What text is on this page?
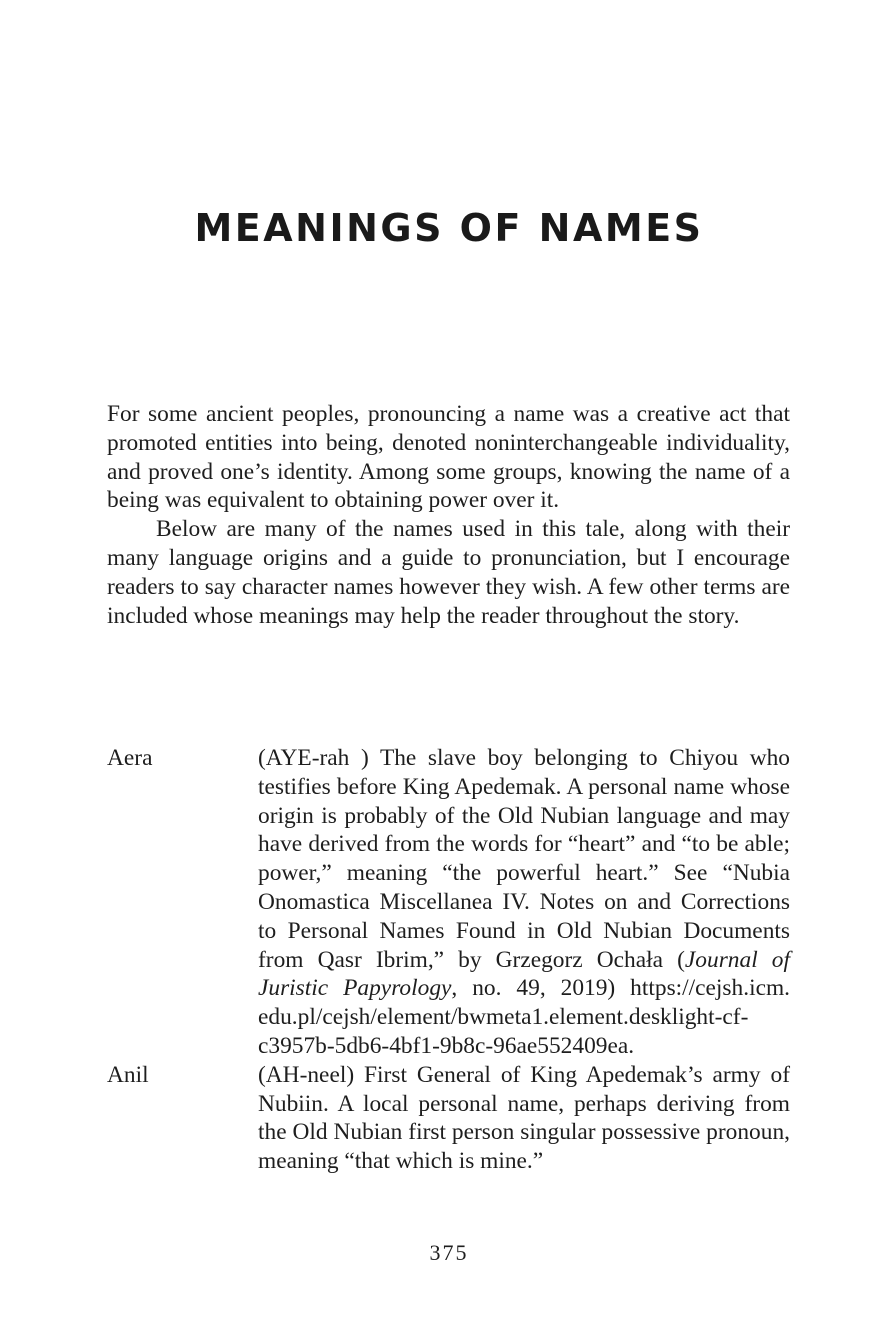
MEANINGS OF NAMES

For some ancient peoples, pronouncing a name was a creative act that promoted entities into being, denoted noninterchangeable individuality, and proved one’s identity. Among some groups, knowing the name of a being was equivalent to obtaining power over it.

Below are many of the names used in this tale, along with their many language origins and a guide to pronunciation, but I encourage readers to say character names however they wish. A few other terms are included whose meanings may help the reader throughout the story.

Aera	(AYE-rah ) The slave boy belonging to Chiyou who testifies before King Apedemak. A personal name whose origin is probably of the Old Nubian language and may have derived from the words for “heart” and “to be able; power,” meaning “the powerful heart.” See “Nubia Onomastica Miscellanea IV. Notes on and Corrections to Personal Names Found in Old Nubian Documents from Qasr Ibrim,” by Grzegorz Ochała (Journal of Juristic Papyrology, no. 49, 2019) https://cejsh.icm.​edu.pl/cejsh/element/bwmeta1.element.desklight-cf-​c3957b-5db6-4bf1-9b8c-96ae552409ea.
Anil	(AH-neel) First General of King Apedemak’s army of Nubiin. A local personal name, perhaps deriving from the Old Nubian first person singular possessive pronoun, meaning “that which is mine.”
375
